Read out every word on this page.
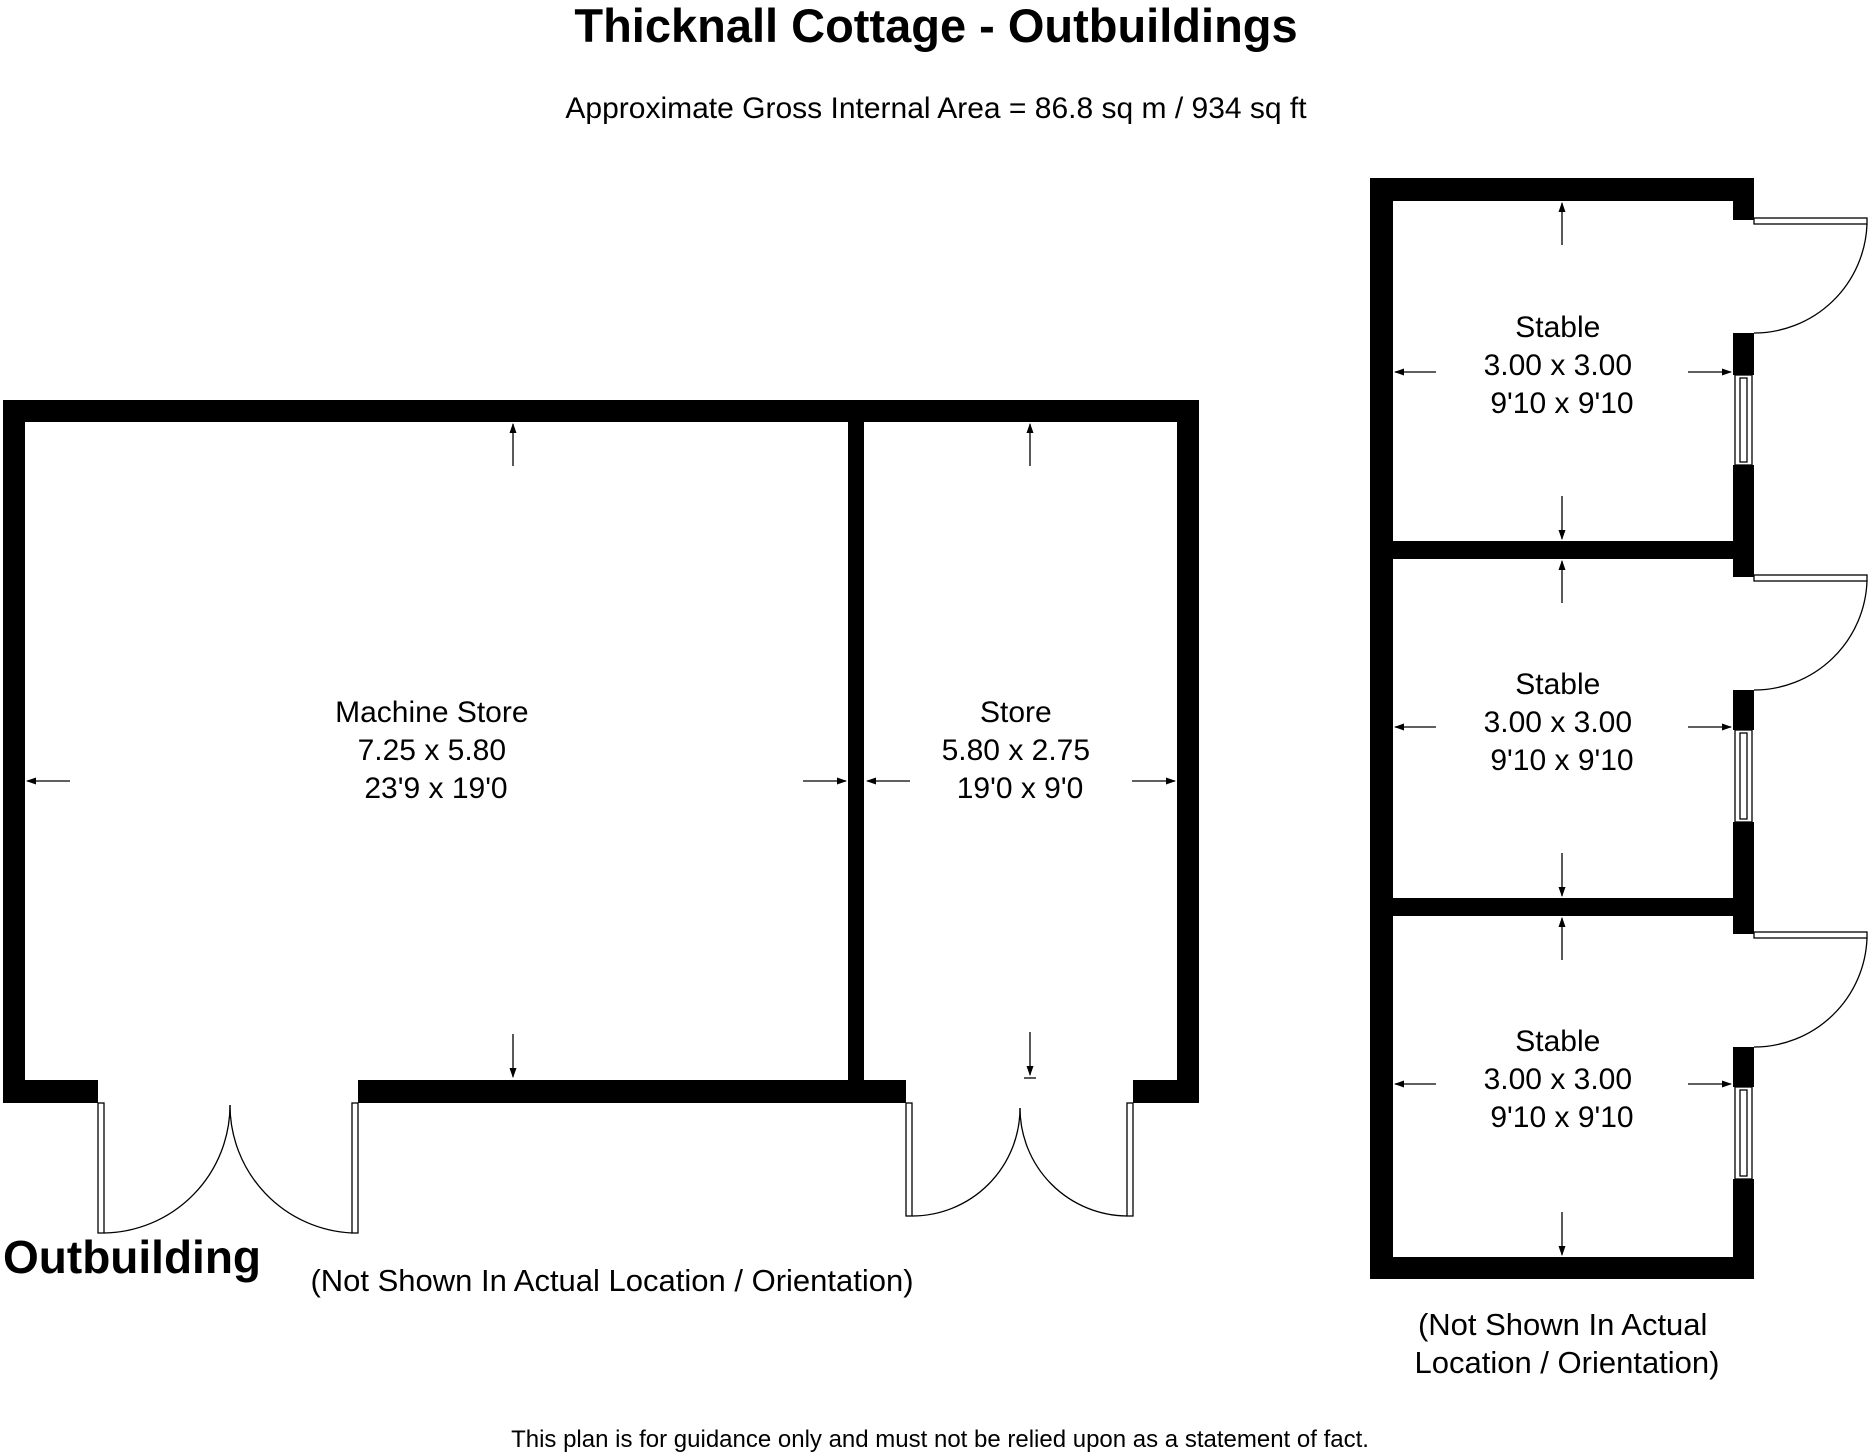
Thicknall Cottage - Outbuildings
Approximate Gross Internal Area = 86.8 sq m / 934 sq ft
Machine Store 7.25 x 5.80 23'9 x 19'0
Store 5.80 x 2.75 19'0 x 9'0
Outbuilding (Not Shown In Actual Location / Orientation)
Stable 3.00 x 3.00 9'10 x 9'10
Stable 3.00 x 3.00 9'10 x 9'10
Stable 3.00 x 3.00 9'10 x 9'10
(Not Shown In Actual Location / Orientation)
This plan is for guidance only and must not be relied upon as a statement of fact.
